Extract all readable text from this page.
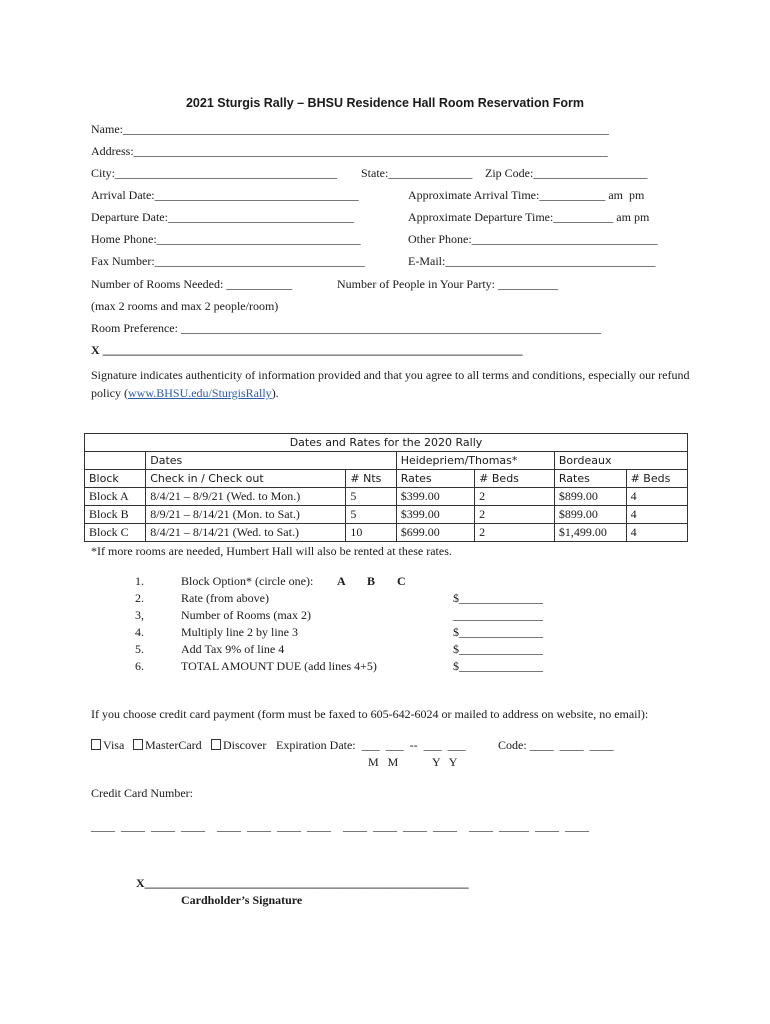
2021 Sturgis Rally – BHSU Residence Hall Room Reservation Form
Name:_________________________________________________________________________________
Address:_______________________________________________________________________________
City:_____________________________________ State:______________ Zip Code:___________________
Arrival Date:__________________________________	Approximate Arrival Time:___________ am  pm
Departure Date:_______________________________	Approximate Departure Time:__________ am pm
Home Phone:__________________________________	Other Phone:_______________________________
Fax Number:___________________________________	E-Mail:___________________________________
Number of Rooms Needed: ___________	Number of People in Your Party: __________
(max 2 rooms and max 2 people/room)
Room Preference: ______________________________________________________________________
X ______________________________________________________________________
Signature indicates authenticity of information provided and that you agree to all terms and conditions, especially our refund policy (www.BHSU.edu/SturgisRally).
Dates and Rates for the 2020 Rally						
	Dates		Heidepriem/Thomas*		Bordeaux	
Block	Check in / Check out	# Nts	Rates	# Beds	Rates	# Beds
Block A	8/4/21 – 8/9/21 (Wed. to Mon.)	5	$399.00	2	$899.00	4
Block B	8/9/21 – 8/14/21 (Mon. to Sat.)	5	$399.00	2	$899.00	4
Block C	8/4/21 – 8/14/21 (Wed. to Sat.)	10	$699.00	2	$1,499.00	4
*If more rooms are needed, Humbert Hall will also be rented at these rates.
1.	Block Option* (circle one): A B C
2.	Rate (from above)	$______________
3,	Number of Rooms (max 2)	_______________
4.	Multiply line 2 by line 3	$______________
5.	Add Tax 9% of line 4	$______________
6.	TOTAL AMOUNT DUE (add lines 4+5)	$______________
If you choose credit card payment (form must be faxed to 605-642-6024 or mailed to address on website, no email):
Visa	MasterCard	Discover Expiration Date:  ___  ___  --  ___  ___	Code: ____  ____  ____
M   M	Y   Y
Credit Card Number:
____  ____  ____  ____    ____  ____  ____  ____    ____  ____  ____  ____    ____  _____  ____  ____
X______________________________________________________
Cardholder’s Signature
